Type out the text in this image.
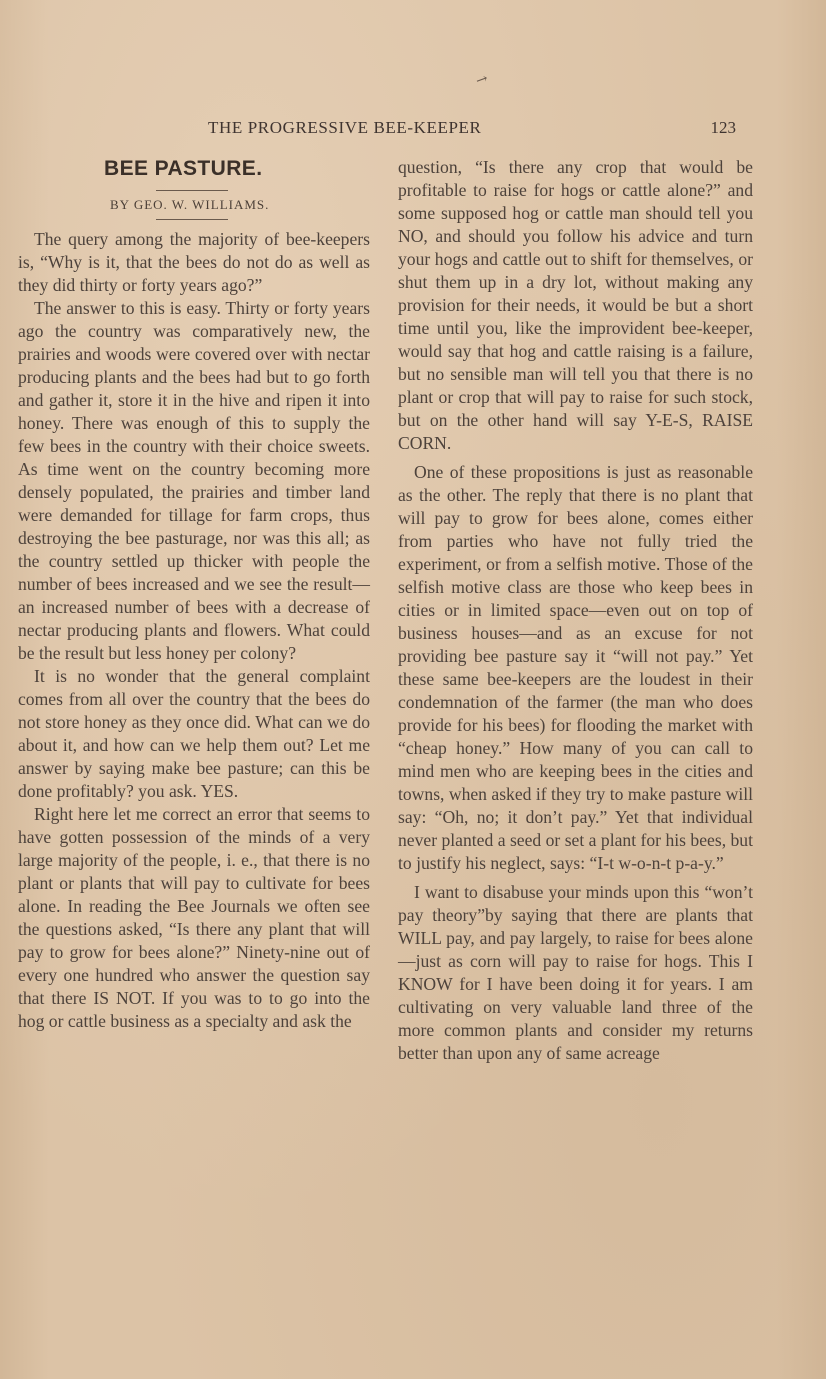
→
THE PROGRESSIVE BEE-KEEPER	123
BEE PASTURE.
BY GEO. W. WILLIAMS.

The query among the majority of bee-keepers is, “Why is it, that the bees do not do as well as they did thirty or forty years ago?”

The answer to this is easy. Thirty or forty years ago the country was comparatively new, the prairies and woods were covered over with nectar producing plants and the bees had but to go forth and gather it, store it in the hive and ripen it into honey. There was enough of this to supply the few bees in the country with their choice sweets. As time went on the country becoming more densely populated, the prairies and timber land were demanded for tillage for farm crops, thus destroying the bee pasturage, nor was this all; as the country settled up thicker with people the number of bees increased and we see the result—an increased number of bees with a decrease of nectar producing plants and flowers. What could be the result but less honey per colony?

It is no wonder that the general complaint comes from all over the country that the bees do not store honey as they once did. What can we do about it, and how can we help them out? Let me answer by saying make bee pasture; can this be done profitably? you ask. YES.

Right here let me correct an error that seems to have gotten possession of the minds of a very large majority of the people, i. e., that there is no plant or plants that will pay to cultivate for bees alone. In reading the Bee Journals we often see the questions asked, “Is there any plant that will pay to grow for bees alone?” Ninety-nine out of every one hundred who answer the question say that there IS NOT. If you was to to go into the hog or cattle business as a specialty and ask the

question, “Is there any crop that would be profitable to raise for hogs or cattle alone?” and some supposed hog or cattle man should tell you NO, and should you follow his advice and turn your hogs and cattle out to shift for themselves, or shut them up in a dry lot, without making any provision for their needs, it would be but a short time until you, like the improvident bee-keeper, would say that hog and cattle raising is a failure, but no sensible man will tell you that there is no plant or crop that will pay to raise for such stock, but on the other hand will say Y-E-S, RAISE CORN.

One of these propositions is just as reasonable as the other. The reply that there is no plant that will pay to grow for bees alone, comes either from parties who have not fully tried the experiment, or from a selfish motive. Those of the selfish motive class are those who keep bees in cities or in limited space—even out on top of business houses—and as an excuse for not providing bee pasture say it “will not pay.” Yet these same bee-keepers are the loudest in their condemnation of the farmer (the man who does provide for his bees) for flooding the market with “cheap honey.” How many of you can call to mind men who are keeping bees in the cities and towns, when asked if they try to make pasture will say: “Oh, no; it don’t pay.” Yet that individual never planted a seed or set a plant for his bees, but to justify his neglect, says: “I-t w-o-n-t p-a-y.”

I want to disabuse your minds upon this “won’t pay theory”by saying that there are plants that WILL pay, and pay largely, to raise for bees alone—just as corn will pay to raise for hogs. This I KNOW for I have been doing it for years. I am cultivating on very valuable land three of the more common plants and consider my returns better than upon any of same acreage
